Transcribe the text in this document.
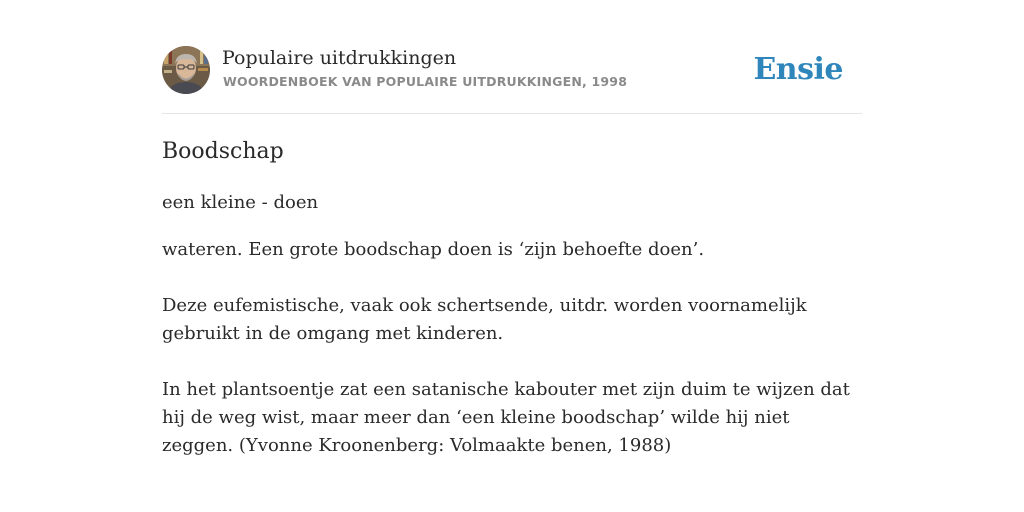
Populaire uitdrukkingen
WOORDENBOEK VAN POPULAIRE UITDRUKKINGEN, 1998	Ensie
Boodschap
een kleine - doen

wateren. Een grote boodschap doen is ‘zijn behoefte doen’.

Deze eufemistische, vaak ook schertsende, uitdr. worden voornamelijk gebruikt in de omgang met kinderen.

In het plantsoentje zat een satanische kabouter met zijn duim te wijzen dat hij de weg wist, maar meer dan ‘een kleine boodschap’ wilde hij niet zeggen. (Yvonne Kroonenberg: Volmaakte benen, 1988)
